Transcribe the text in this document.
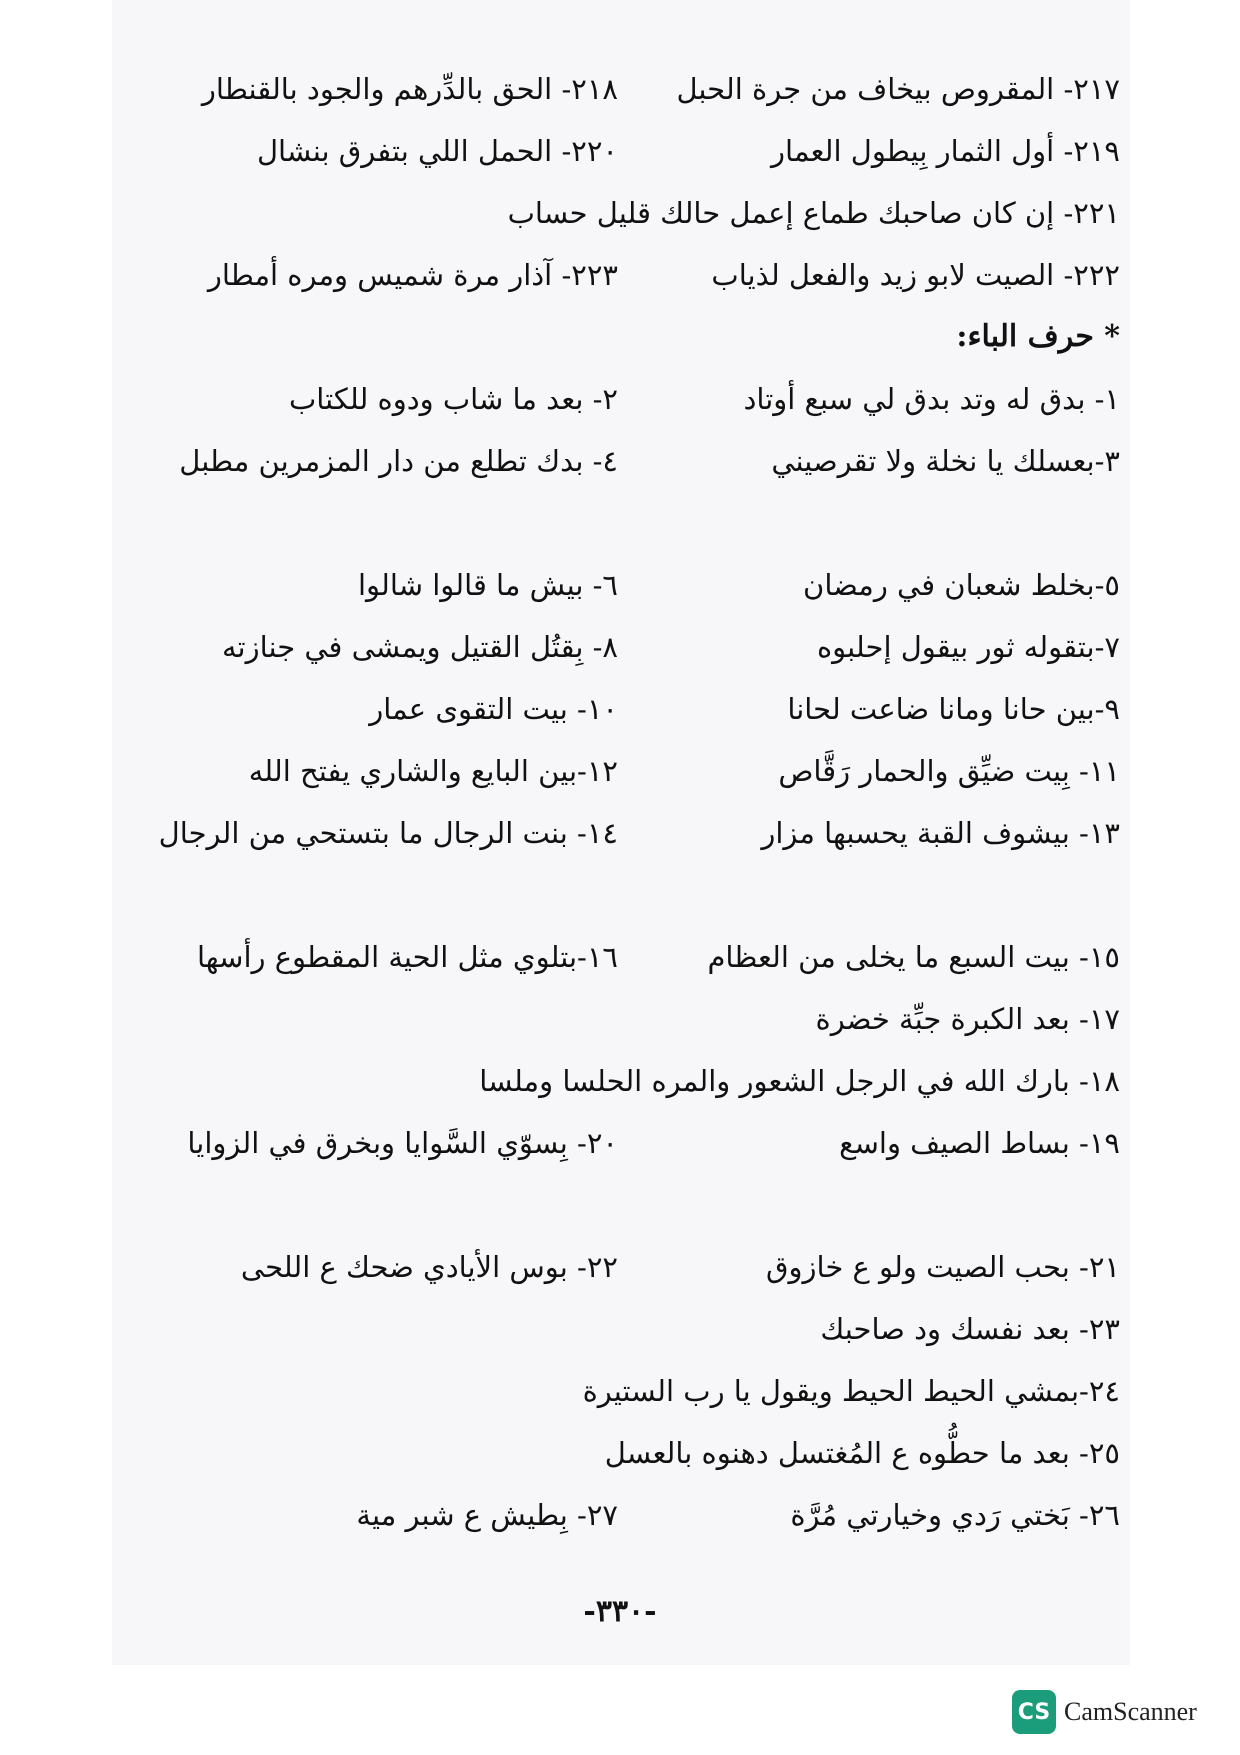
٢١٧- المقروص بيخاف من جرة الحبل
٢١٨- الحق بالدِّرهم والجود بالقنطار
٢١٩- أول الثمار بِيطول العمار
٢٢٠- الحمل اللي بتفرق بنشال
٢٢١- إن كان صاحبك طماع إعمل حالك قليل حساب
٢٢٢- الصيت لابو زيد والفعل لذياب
٢٢٣- آذار مرة شميس ومره أمطار
* حرف الباء:
١- بدق له وتد بدق لي سبع أوتاد
٢- بعد ما شاب ودوه للكتاب
٣-بعسلك يا نخلة ولا تقرصيني
٤- بدك تطلع من دار المزمرين مطبل
٥-بخلط شعبان في رمضان
٦- بيش ما قالوا شالوا
٧-بتقوله ثور بيقول إحلبوه
٨- بِقتُل القتيل ويمشى في جنازته
٩-بين حانا ومانا ضاعت لحانا
١٠- بيت التقوى عمار
١١- بِيت ضيِّق والحمار رَقَّاص
١٢-بين البايع والشاري يفتح الله
١٣- بيشوف القبة يحسبها مزار
١٤- بنت الرجال ما بتستحي من الرجال
١٥- بيت السبع ما يخلى من العظام
١٦-بتلوي مثل الحية المقطوع رأسها
١٧- بعد الكبرة جبِّة خضرة
١٨- بارك الله في الرجل الشعور والمره الحلسا وملسا
١٩- بساط الصيف واسع
٢٠- بِسوّي السَّوايا وبخرق في الزوايا
٢١- بحب الصيت ولو ع خازوق
٢٢- بوس الأيادي ضحك ع اللحى
٢٣- بعد نفسك ود صاحبك
٢٤-بمشي الحيط الحيط ويقول يا رب الستيرة
٢٥- بعد ما حطُّوه ع المُغتسل دهنوه بالعسل
٢٦- بَختي رَدي وخيارتي مُرَّة
٢٧- بِطيش ع شبر مية
-٣٣٠-
CS CamScanner
